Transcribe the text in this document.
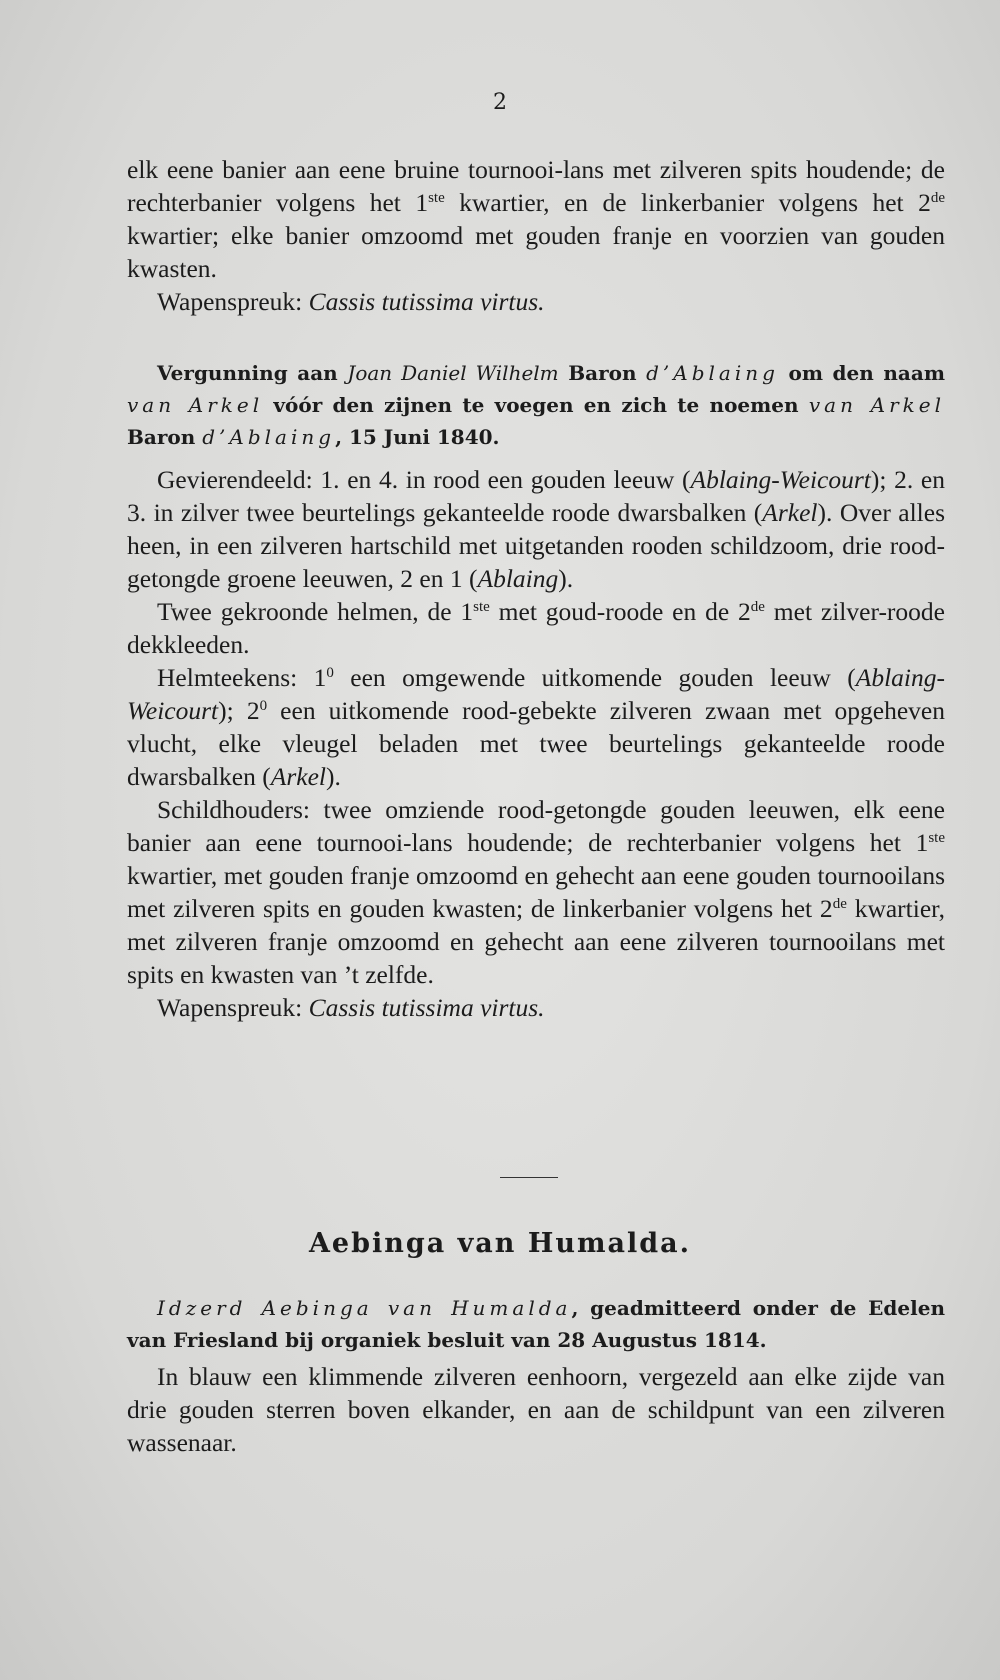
2

elk eene banier aan eene bruine tournooi-lans met zilveren spits houdende; de rechterbanier volgens het 1ste kwartier, en de linkerbanier volgens het 2de kwartier; elke banier omzoomd met gouden franje en voorzien van gouden kwasten.

Wapenspreuk: Cassis tutissima virtus.

Vergunning aan Joan Daniel Wilhelm Baron d’Ablaing om den naam van Arkel vóór den zijnen te voegen en zich te noemen van Arkel Baron d’Ablaing, 15 Juni 1840.

Gevierendeeld: 1. en 4. in rood een gouden leeuw (Ablaing-Weicourt); 2. en 3. in zilver twee beurtelings gekanteelde roode dwarsbalken (Arkel). Over alles heen, in een zilveren hartschild met uitgetanden rooden schildzoom, drie rood-getongde groene leeuwen, 2 en 1 (Ablaing).

Twee gekroonde helmen, de 1ste met goud-roode en de 2de met zilver-roode dekkleeden.

Helmteekens: $1^0$ een omgewende uitkomende gouden leeuw (Ablaing-Weicourt); $2^0$ een uitkomende rood-gebekte zilveren zwaan met opgeheven vlucht, elke vleugel beladen met twee beurtelings gekanteelde roode dwarsbalken (Arkel).

Schildhouders: twee omziende rood-getongde gouden leeuwen, elk eene banier aan eene tournooi-lans houdende; de rechterbanier volgens het 1ste kwartier, met gouden franje omzoomd en gehecht aan eene gouden tournooilans met zilveren spits en gouden kwasten; de linkerbanier volgens het 2de kwartier, met zilveren franje omzoomd en gehecht aan eene zilveren tournooilans met spits en kwasten van ’t zelfde.

Wapenspreuk: Cassis tutissima virtus.

Aebinga van Humalda.

Idzerd Aebinga van Humalda, geadmitteerd onder de Edelen van Friesland bij organiek besluit van 28 Augustus 1814.

In blauw een klimmende zilveren eenhoorn, vergezeld aan elke zijde van drie gouden sterren boven elkander, en aan de schildpunt van een zilveren wassenaar.
